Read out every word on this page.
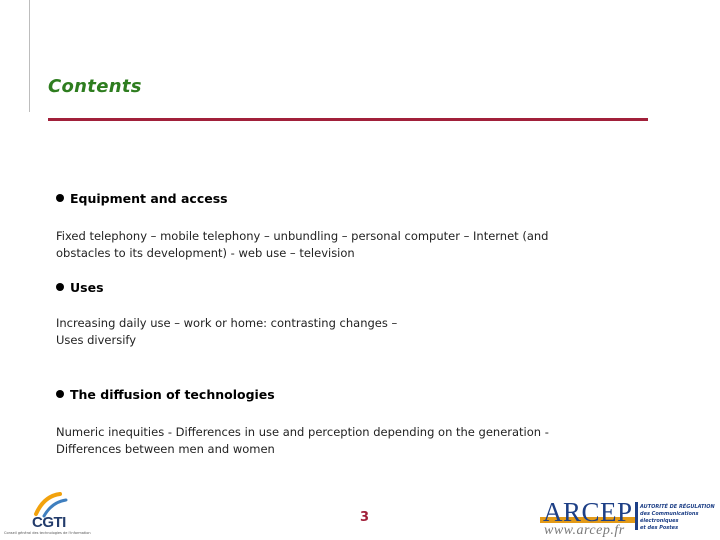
Contents
Equipment and access
Fixed telephony – mobile telephony – unbundling – personal computer – Internet (and
obstacles to its development) - web use – television
Uses
Increasing daily use – work or home: contrasting changes –
Uses diversify
The diffusion of technologies
Numeric inequities - Differences in use and perception depending on the generation -
Differences between men and women
CGTI
Conseil général des technologies de l'information
3	ARCEP
www.arcep.fr
AUTORITÉ DE RÉGULATION
des Communications électroniques
et des Postes
